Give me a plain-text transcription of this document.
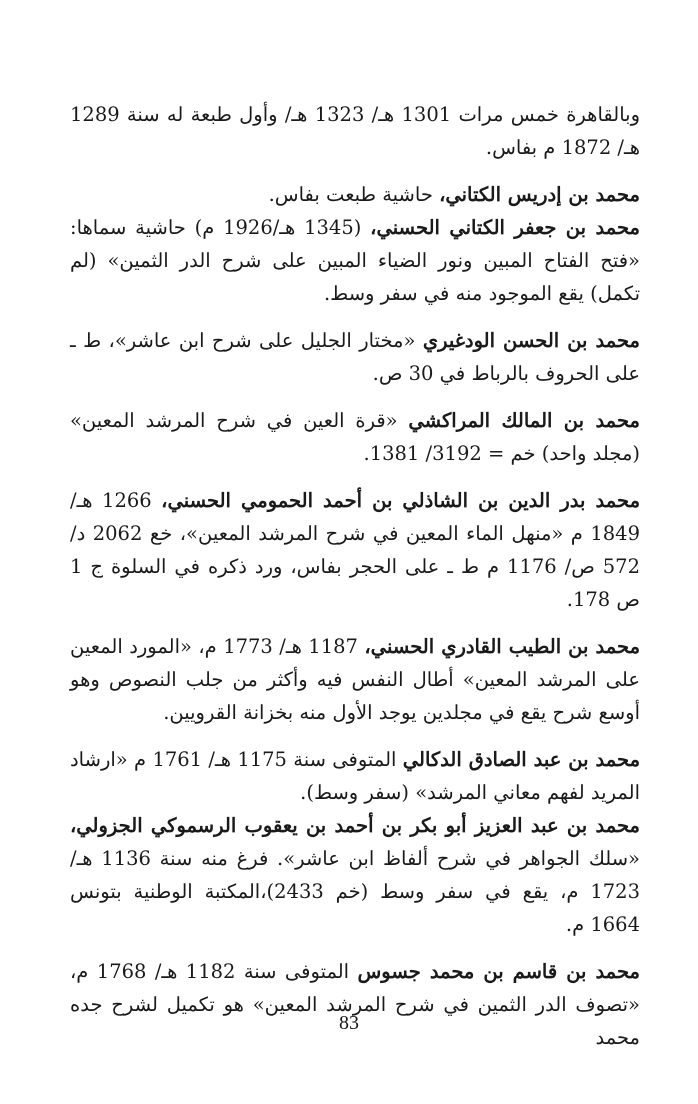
وبالقاهرة خمس مرات 1301 هـ/ 1323 هـ/ وأول طبعة له سنة 1289 هـ/ 1872 م بفاس.

محمد بن إدريس الكتاني، حاشية طبعت بفاس.

محمد بن جعفر الكتاني الحسني، (1345 هـ/1926 م) حاشية سماها: «فتح الفتاح المبين ونور الضياء المبين على شرح الدر الثمين» (لم تكمل) يقع الموجود منه في سفر وسط.

محمد بن الحسن الودغيري «مختار الجليل على شرح ابن عاشر»، ط ـ على الحروف بالرباط في 30 ص.

محمد بن المالك المراكشي «قرة العين في شرح المرشد المعين» (مجلد واحد) خم = 3192/ 1381.

محمد بدر الدين بن الشاذلي بن أحمد الحمومي الحسني، 1266 هـ/ 1849 م «منهل الماء المعين في شرح المرشد المعين»، خع 2062 د/ 572 ص/ 1176 م ط ـ على الحجر بفاس، ورد ذكره في السلوة ج 1 ص 178.

محمد بن الطيب القادري الحسني، 1187 هـ/ 1773 م، «المورد المعين على المرشد المعين» أطال النفس فيه وأكثر من جلب النصوص وهو أوسع شرح يقع في مجلدين يوجد الأول منه بخزانة القرويين.

محمد بن عبد الصادق الدكالي المتوفى سنة 1175 هـ/ 1761 م «ارشاد المريد لفهم معاني المرشد» (سفر وسط).

محمد بن عبد العزيز أبو بكر بن أحمد بن يعقوب الرسموكي الجزولي، «سلك الجواهر في شرح ألفاظ ابن عاشر». فرغ منه سنة 1136 هـ/ 1723 م، يقع في سفر وسط (خم 2433)،المكتبة الوطنية بتونس 1664 م.

محمد بن قاسم بن محمد جسوس المتوفى سنة 1182 هـ/ 1768 م، «تصوف الدر الثمين في شرح المرشد المعين» هو تكميل لشرح جده محمد

83
